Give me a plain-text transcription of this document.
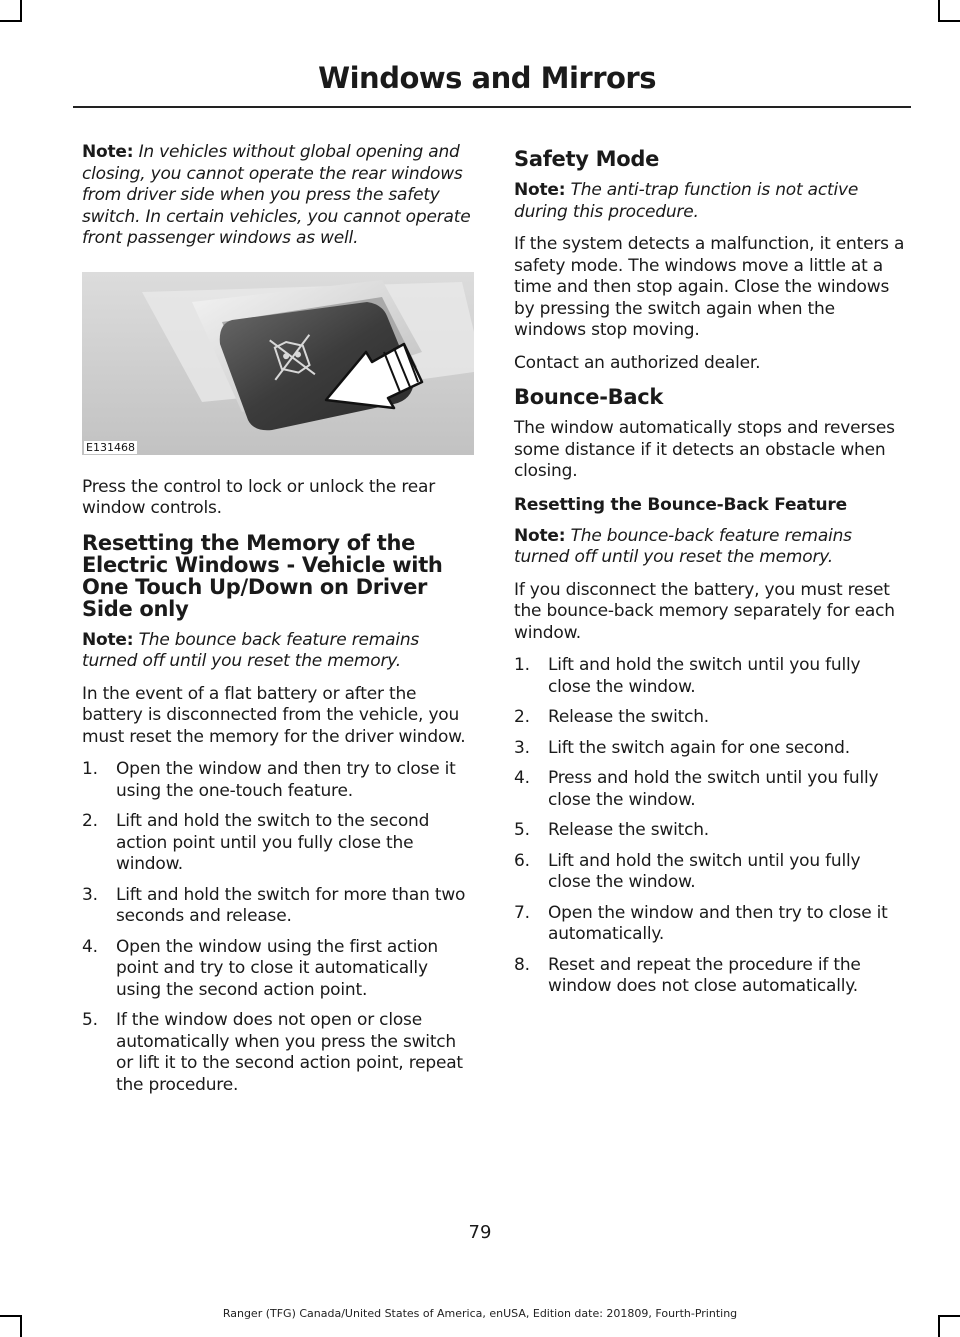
Windows and Mirrors

Note: In vehicles without global opening and closing, you cannot operate the rear windows from driver side when you press the safety switch. In certain vehicles, you cannot operate front passenger windows as well.

E131468

Press the control to lock or unlock the rear window controls.

Resetting the Memory of the Electric Windows - Vehicle with One Touch Up/Down on Driver Side only

Note: The bounce back feature remains turned off until you reset the memory.

In the event of a flat battery or after the battery is disconnected from the vehicle, you must reset the memory for the driver window.

1. Open the window and then try to close it using the one-touch feature.
2. Lift and hold the switch to the second action point until you fully close the window.
3. Lift and hold the switch for more than two seconds and release.
4. Open the window using the first action point and try to close it automatically using the second action point.
5. If the window does not open or close automatically when you press the switch or lift it to the second action point, repeat the procedure.
Safety Mode

Note: The anti-trap function is not active during this procedure.

If the system detects a malfunction, it enters a safety mode. The windows move a little at a time and then stop again. Close the windows by pressing the switch again when the windows stop moving.

Contact an authorized dealer.

Bounce-Back

The window automatically stops and reverses some distance if it detects an obstacle when closing.

Resetting the Bounce-Back Feature

Note: The bounce-back feature remains turned off until you reset the memory.

If you disconnect the battery, you must reset the bounce-back memory separately for each window.

1. Lift and hold the switch until you fully close the window.
2. Release the switch.
3. Lift the switch again for one second.
4. Press and hold the switch until you fully close the window.
5. Release the switch.
6. Lift and hold the switch until you fully close the window.
7. Open the window and then try to close it automatically.
8. Reset and repeat the procedure if the window does not close automatically.
79
Ranger (TFG) Canada/United States of America, enUSA, Edition date: 201809, Fourth-Printing
